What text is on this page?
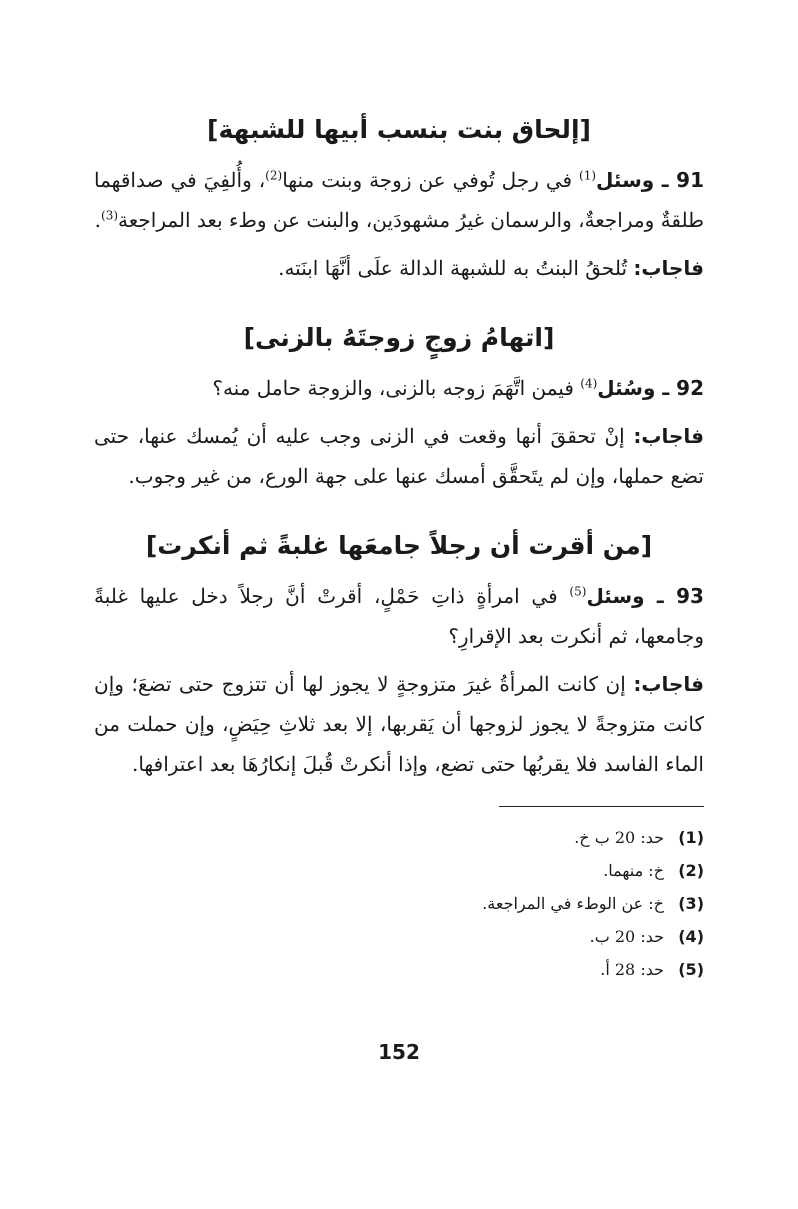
[إلحاق بنت بنسب أبيها للشبهة]

91 ـ وسئل$^{(1)}$ في رجل تُوفي عن زوجة وبنت منها$^{(2)}$، وأُلفِيَ في صداقهما طلقةٌ ومراجعةٌ، والرسمان غيرُ مشهودَين، والبنت عن وطء بعد المراجعة$^{(3)}$.

فاجاب: تُلحقُ البنتُ به للشبهة الدالة علَى أنَّهَا ابنَته.

[اتهامُ زوجٍ زوجتَهُ بالزنى]

92 ـ وسُئل$^{(4)}$ فيمن اتَّهَمَ زوجه بالزنى، والزوجة حامل منه؟

فاجاب: إنْ تحققَ أنها وقعت في الزنى وجب عليه أن يُمسك عنها، حتى تضع حملها، وإن لم يتَحقَّق أمسك عنها على جهة الورع، من غير وجوب.

[من أقرت أن رجلاً جامعَها غلبةً ثم أنكرت]

93 ـ وسئل$^{(5)}$ في امرأةٍ ذاتِ حَمْلٍ، أقرتْ أنَّ رجلاً دخل عليها غلبةً وجامعها، ثم أنكرت بعد الإقرارِ؟

فاجاب: إن كانت المرأةُ غيرَ متزوجةٍ لا يجوز لها أن تتزوج حتى تضعَ؛ وإن كانت متزوجةً لا يجوز لزوجها أن يَقربها، إلا بعد ثلاثِ حِيَضٍ، وإن حملت من الماء الفاسد فلا يقربُها حتى تضع، وإذا أنكرتْ قُبلَ إنكارُهَا بعد اعترافها.

(1)حد: 20 ب خ.

(2)خ: منهما.

(3)خ: عن الوطء في المراجعة.

(4)حد: 20 ب.

(5)حد: 28 أ.

152
